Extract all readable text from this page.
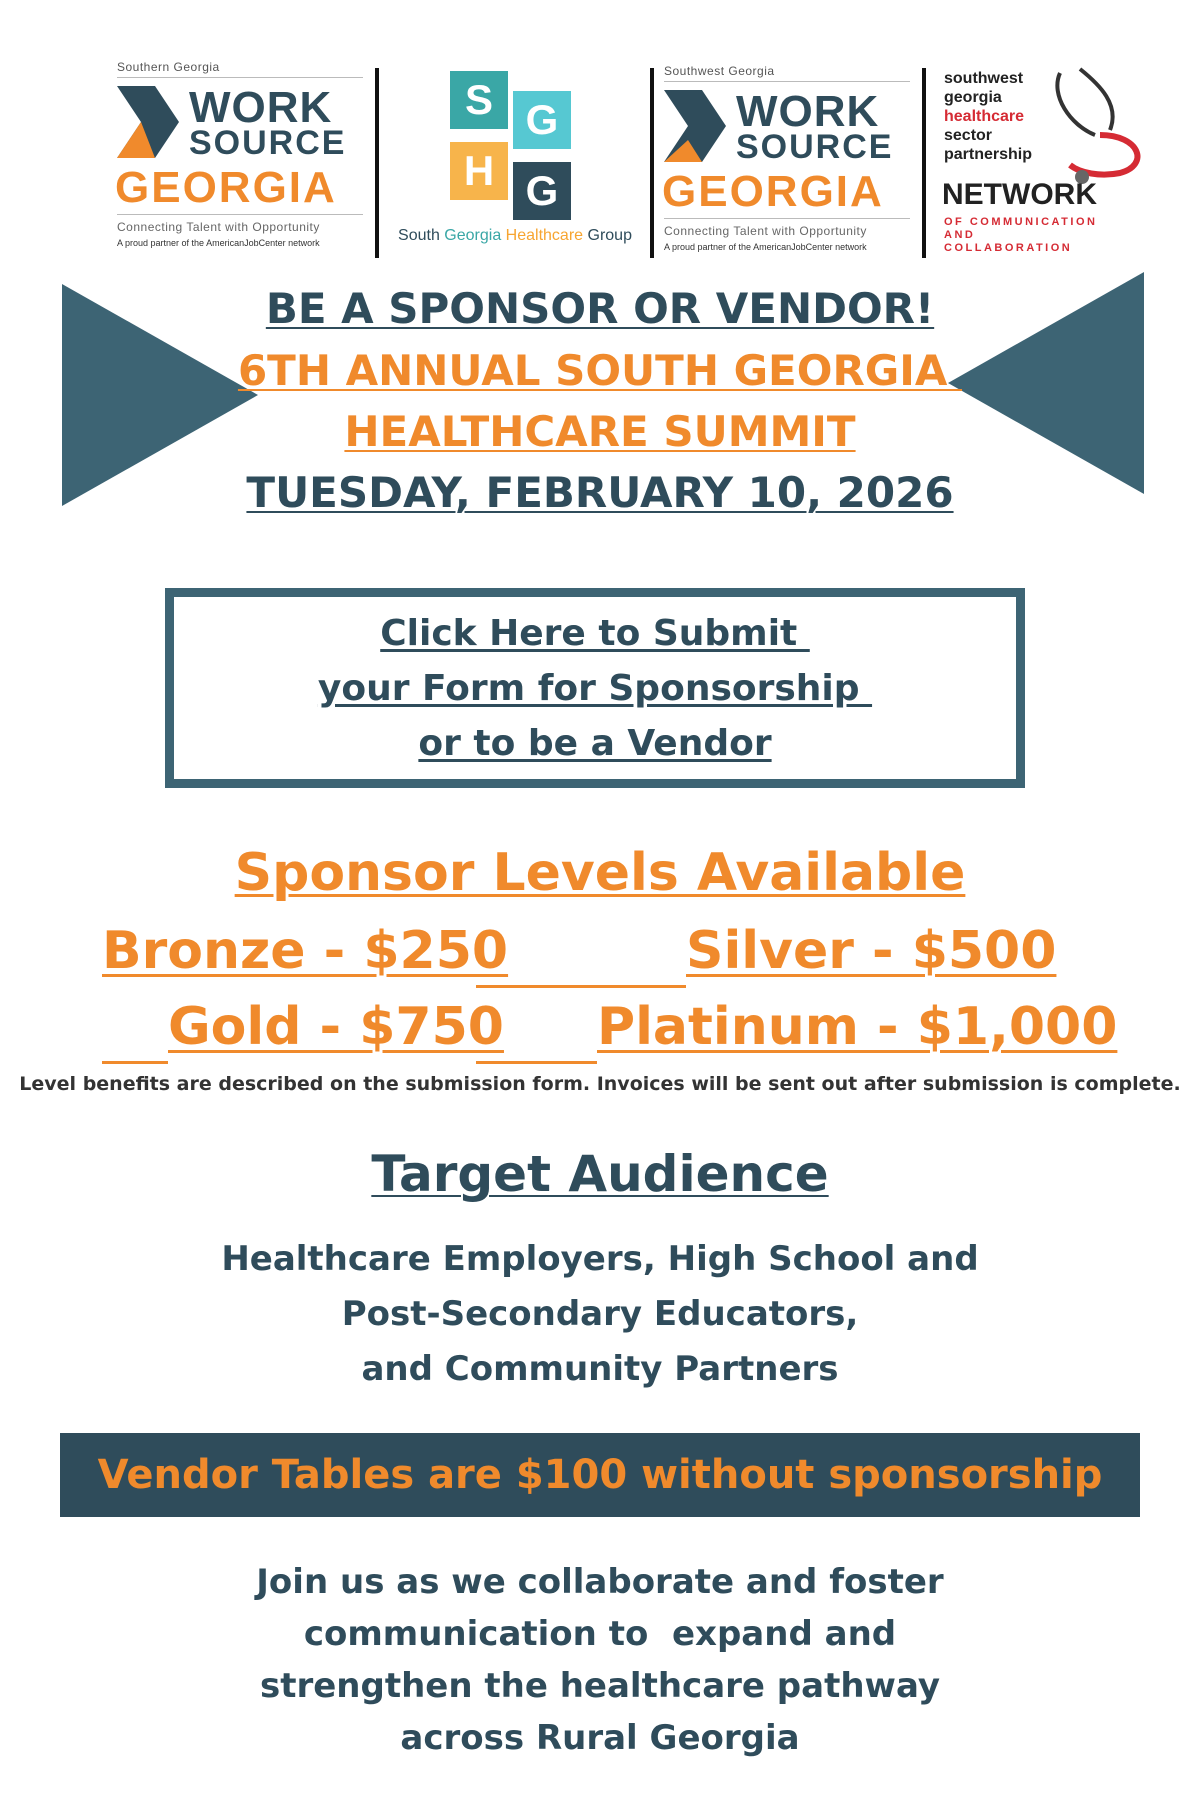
Southern Georgia
WORK
SOURCE
GEORGIA
Connecting Talent with Opportunity
A proud partner of the AmericanJobCenter network
S G
H G
South Georgia Healthcare Group
Southwest Georgia
WORK
SOURCE
GEORGIA
Connecting Talent with Opportunity
A proud partner of the AmericanJobCenter network
southwest
georgia
healthcare
sector
partnership
NETWORK
OF COMMUNICATION
AND
COLLABORATION
BE A SPONSOR OR VENDOR!
6TH ANNUAL SOUTH GEORGIA
HEALTHCARE SUMMIT
TUESDAY, FEBRUARY 10, 2026
Click Here to Submit
your Form for Sponsorship
or to be a Vendor
Sponsor Levels Available
Bronze - $250	Silver - $500
Gold - $750 Platinum - $1,000
Level benefits are described on the submission form. Invoices will be sent out after submission is complete.
Target Audience
Healthcare Employers, High School and
Post-Secondary Educators,
and Community Partners
Vendor Tables are $100 without sponsorship
Join us as we collaborate and foster
communication to  expand and
strengthen the healthcare pathway
across Rural Georgia
